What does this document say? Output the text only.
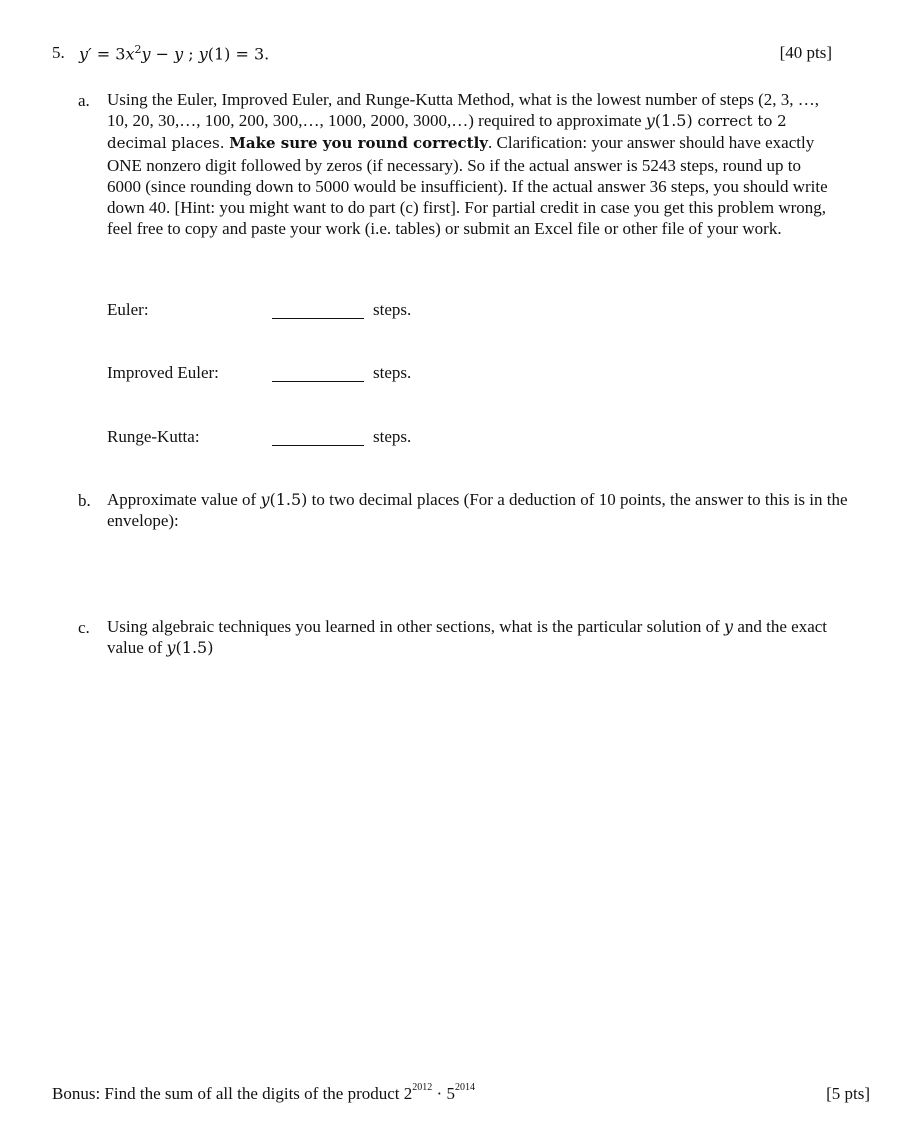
5. $y' = 3x^2y - y$ ; y(1) = 3.	[40 pts]
a. Using the Euler, Improved Euler, and Runge-Kutta Method, what is the lowest number of steps (2, 3, …, 10, 20, 30,…, 100, 200, 300,…, 1000, 2000, 3000,…) required to approximate y(1.5) correct to 2 decimal places. Make sure you round correctly. Clarification: your answer should have exactly ONE nonzero digit followed by zeros (if necessary). So if the actual answer is 5243 steps, round up to 6000 (since rounding down to 5000 would be insufficient). If the actual answer 36 steps, you should write down 40. [Hint: you might want to do part (c) first]. For partial credit in case you get this problem wrong, feel free to copy and paste your work (i.e. tables) or submit an Excel file or other file of your work.
Euler:	steps.
Improved Euler:	steps.
Runge-Kutta:	steps.
b. Approximate value of y(1.5) to two decimal places (For a deduction of 10 points, the answer to this is in the envelope):
c. Using algebraic techniques you learned in other sections, what is the particular solution of y and the exact value of y(1.5)
Bonus: Find the sum of all the digits of the product $2^{2012} \cdot 5^{2014}$	[5 pts]
